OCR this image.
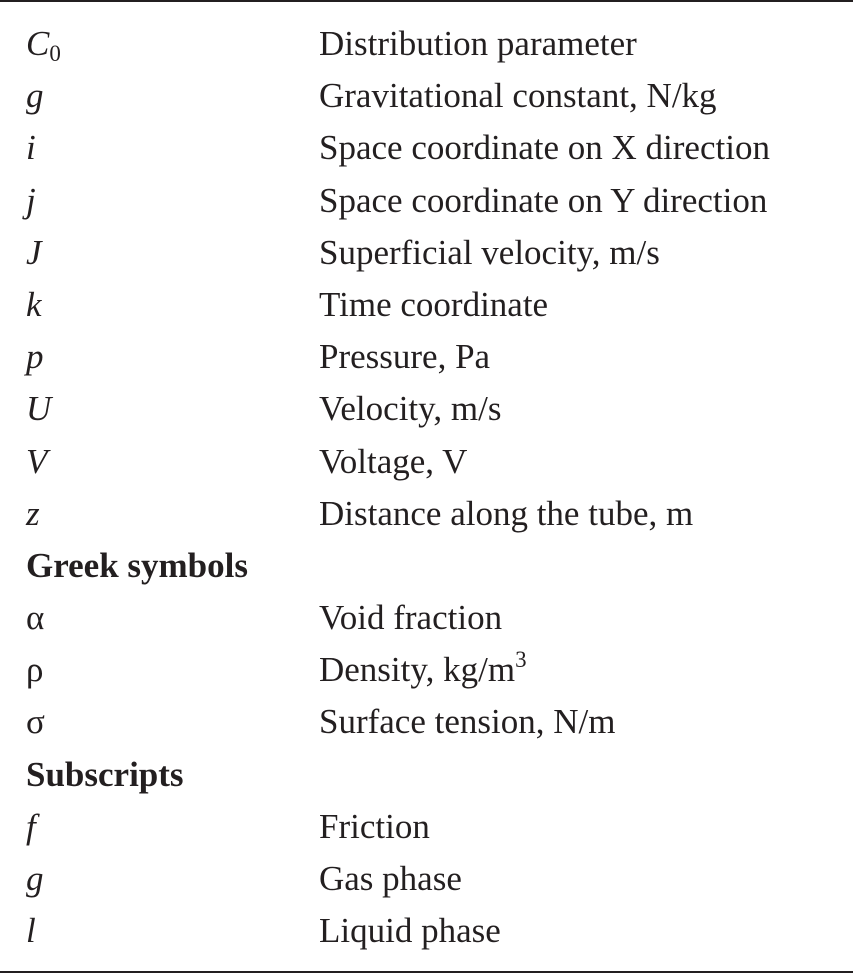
$C_0$	Distribution parameter
g	Gravitational constant, N/kg
i	Space coordinate on X direction
j	Space coordinate on Y direction
J	Superficial velocity, m/s
k	Time coordinate
p	Pressure, Pa
U	Velocity, m/s
V	Voltage, V
z	Distance along the tube, m
Greek symbols
α	Void fraction
ρ	Density, $kg/m^3$
σ	Surface tension, N/m
Subscripts
f	Friction
g	Gas phase
l	Liquid phase
